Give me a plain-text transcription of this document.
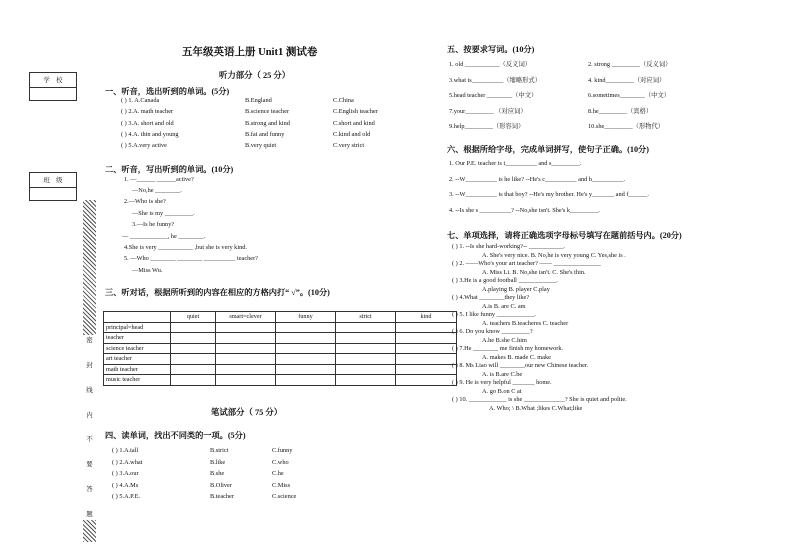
学　校
班　级
密
封
线
内
不
要
答
题
五年级英语上册 Unit1 测试卷
听力部分（ 25 分）
一、听音，选出听到的单词。(5分)
( ) 1. A.Canada	B.England	C.China
( ) 2.A. math teacher	B.science teacher	C.English teacher
( ) 3.A. short and old	B.strong and kind	C.short and kind
( ) 4.A. thin and young	B.fat and funny	C.kind and old
( ) 5.A.very active	B.very quiet	C.very strict
二、听音，写出听到的单词。(10分)
1. —______ ______active?
—No,he ________.
2.—Who is she?
—She is my _________.
3.—Is he funny?
— ____________, he ________.
4.She is very ___________ ,but she is very kind.
5. —Who ________ ________ __________ teacher?
—Miss Wu.
三、听对话，根据所听到的内容在相应的方格内打“ √”。(10分)
	quiet	smart=clever	funny	strict	kind
principal=head					
teacher					
science teacher					
art teacher					
math teacher					
music teacher					
笔试部分（ 75 分）
四、读单词，找出不同类的一项。(5分)
( ) 1.A.tall	B.strict	C.funny
( ) 2.A.what	B.like	C.who
( ) 3.A.our	B.she	C.he
( ) 4.A.Ms	B.Oliver	C.Miss
( ) 5.A.P.E.	B.teacher	C.science
五、按要求写词。(10分)
1. old ___________（反义词）	2. strong _________（反义词）
3.what is__________（缩略形式）	4. kind_________（对应词）
5.head teacher ________（中文）	6.sometimes________（中文）
7.your_________ （对应词）	8.he_________（宾格）
9.help_________（形容词）	10.she_________（形物代）
六、根据所给字母，完成单词拼写，使句子正确。(10分)
1. Our P.E. teacher is t__________ and s_________.
2. --W__________ is he like? --He's c__________ and h__________.
3. --W__________ is that boy? --He's my brother. He's y_______ and f______.
4. --Is she s __________? --No,she isn't. She's k_________.
七、单项选择，请将正确选项字母标号填写在题前括号内。(20分)
( ) 1. --Is she hard-working?-- ___________.
A. She's very nice. B. No,he is very young C. Yes,she is .
( ) 2. ——Who's your art teacher? —— _______________
A. Miss Li. B. No,she isn't. C. She's thin.
( ) 3.He is a good football ____________.
A.playing B. player C.play
( ) 4.What ________they like?
A.is B. are C. am
( ) 5. I like funny ____________.
A. teachers B.teacheres C. teacher
( ) 6. Do you know _________?
A.he B.she C.him
( ) 7.He ________ me finish my homework.
A. makes B. made C. make
( ) 8. Ms Liao will ________our new Chinese teacher.
A. is B.are C.be
( ) 9. He is very helpful _______ home.
A. go B.on C at
( ) 10. ____________ is she _____________? She is quiet and polite.
A. Who; \ B.What ;likes C.What;like
